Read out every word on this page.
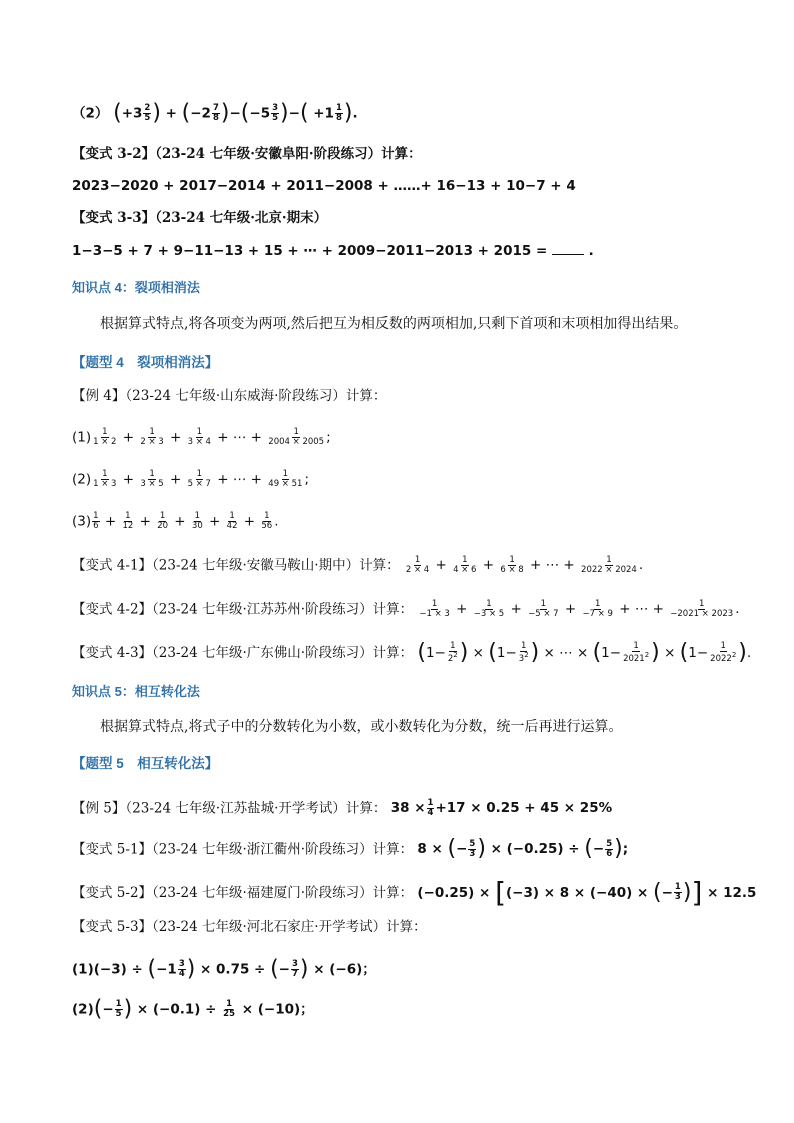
（2） ($+3 \frac{2}{5}$ ) + $(-2 \frac{7}{8} )-(-5 \frac{3}{5}$ )−( $+1 \frac{1}{8}$ ).
【变式 3-2】（23-24 七年级·安徽阜阳·阶段练习）计算：
2023−2020 + 2017−2014 + 2011−2008 + ……+ 16−13 + 10−7 + 4
【变式 3-3】（23-24 七年级·北京·期末）
1−3−5 + 7 + 9−11−13 + 15 + ⋯ + 2009−2011−2013 + 2015 =	.
知识点 4：裂项相消法
根据算式特点,将各项变为两项,然后把互为相反数的两项相加,只剩下首项和末项相加得出结果。
【题型 4　裂项相消法】
【例 4】（23-24 七年级·山东威海·阶段练习）计算：
$(1) \frac{1}{1 \times 2} + \frac{1}{2 \times 3} + \frac{1}{3 \times 4}$ + ⋯ + $\frac{1}{2004 \times 2005}$ ;
$(2) \frac{1}{1 \times 3} + \frac{1}{3 \times 5} + \frac{1}{5 \times 7}$ + ⋯ + $\frac{1}{49 \times 51}$ ;
$(3) \frac{1}{6} + \frac{1}{12} + \frac{1}{20} + \frac{1}{30} + \frac{1}{42} + \frac{1}{56}$ .
【变式 4-1】（23-24 七年级·安徽马鞍山·期中）计算： $\frac{1}{2 \times 4} + \frac{1}{4 \times 6} + \frac{1}{6 \times 8}$ + ⋯ + $\frac{1}{2022 \times 2024}$ .
【变式 4-2】（23-24 七年级·江苏苏州·阶段练习）计算： $\frac{1}{-1 \times 3} + \frac{1}{-3 \times 5} + \frac{1}{-5 \times 7} + \frac{1}{-7 \times 9}$ + ⋯ + $\frac{1}{-2021 \times 2023}$ .
【变式 4-3】（23-24 七年级·广东佛山·阶段练习）计算： ($1- \frac{1}{2^2}$ ) × ($1- \frac{1}{3^2}$ ) × ⋯ × ($1- \frac{1}{2021^2}$ ) × ($1- \frac{1}{2022^2}$ ).
知识点 5：相互转化法
根据算式特点,将式子中的分数转化为小数，或小数转化为分数，统一后再进行运算。
【题型 5　相互转化法】
【例 5】（23-24 七年级·江苏盐城·开学考试）计算： $38 \times \frac{1}{4} +17 \times 0.25 + 45 \times 25\%$
【变式 5-1】（23-24 七年级·浙江衢州·阶段练习）计算： 8 × (− $\frac{5}{3}$ ) × (−0.25) ÷ (− $\frac{5}{6}$ );
【变式 5-2】（23-24 七年级·福建厦门·阶段练习）计算： (−0.25) × [(−3) × 8 × (−40) × (− $\frac{1}{3}$ )] × 12.5
【变式 5-3】（23-24 七年级·河北石家庄·开学考试）计算：
$(1)(-3) \div (-1 \frac{3}{4}$ ) × 0.75 ÷ (− $\frac{3}{7}$ ) × (−6)；
$(2)(- \frac{1}{5}$ ) × $(-0.1) \div \frac{1}{25} \times (-10)$；
